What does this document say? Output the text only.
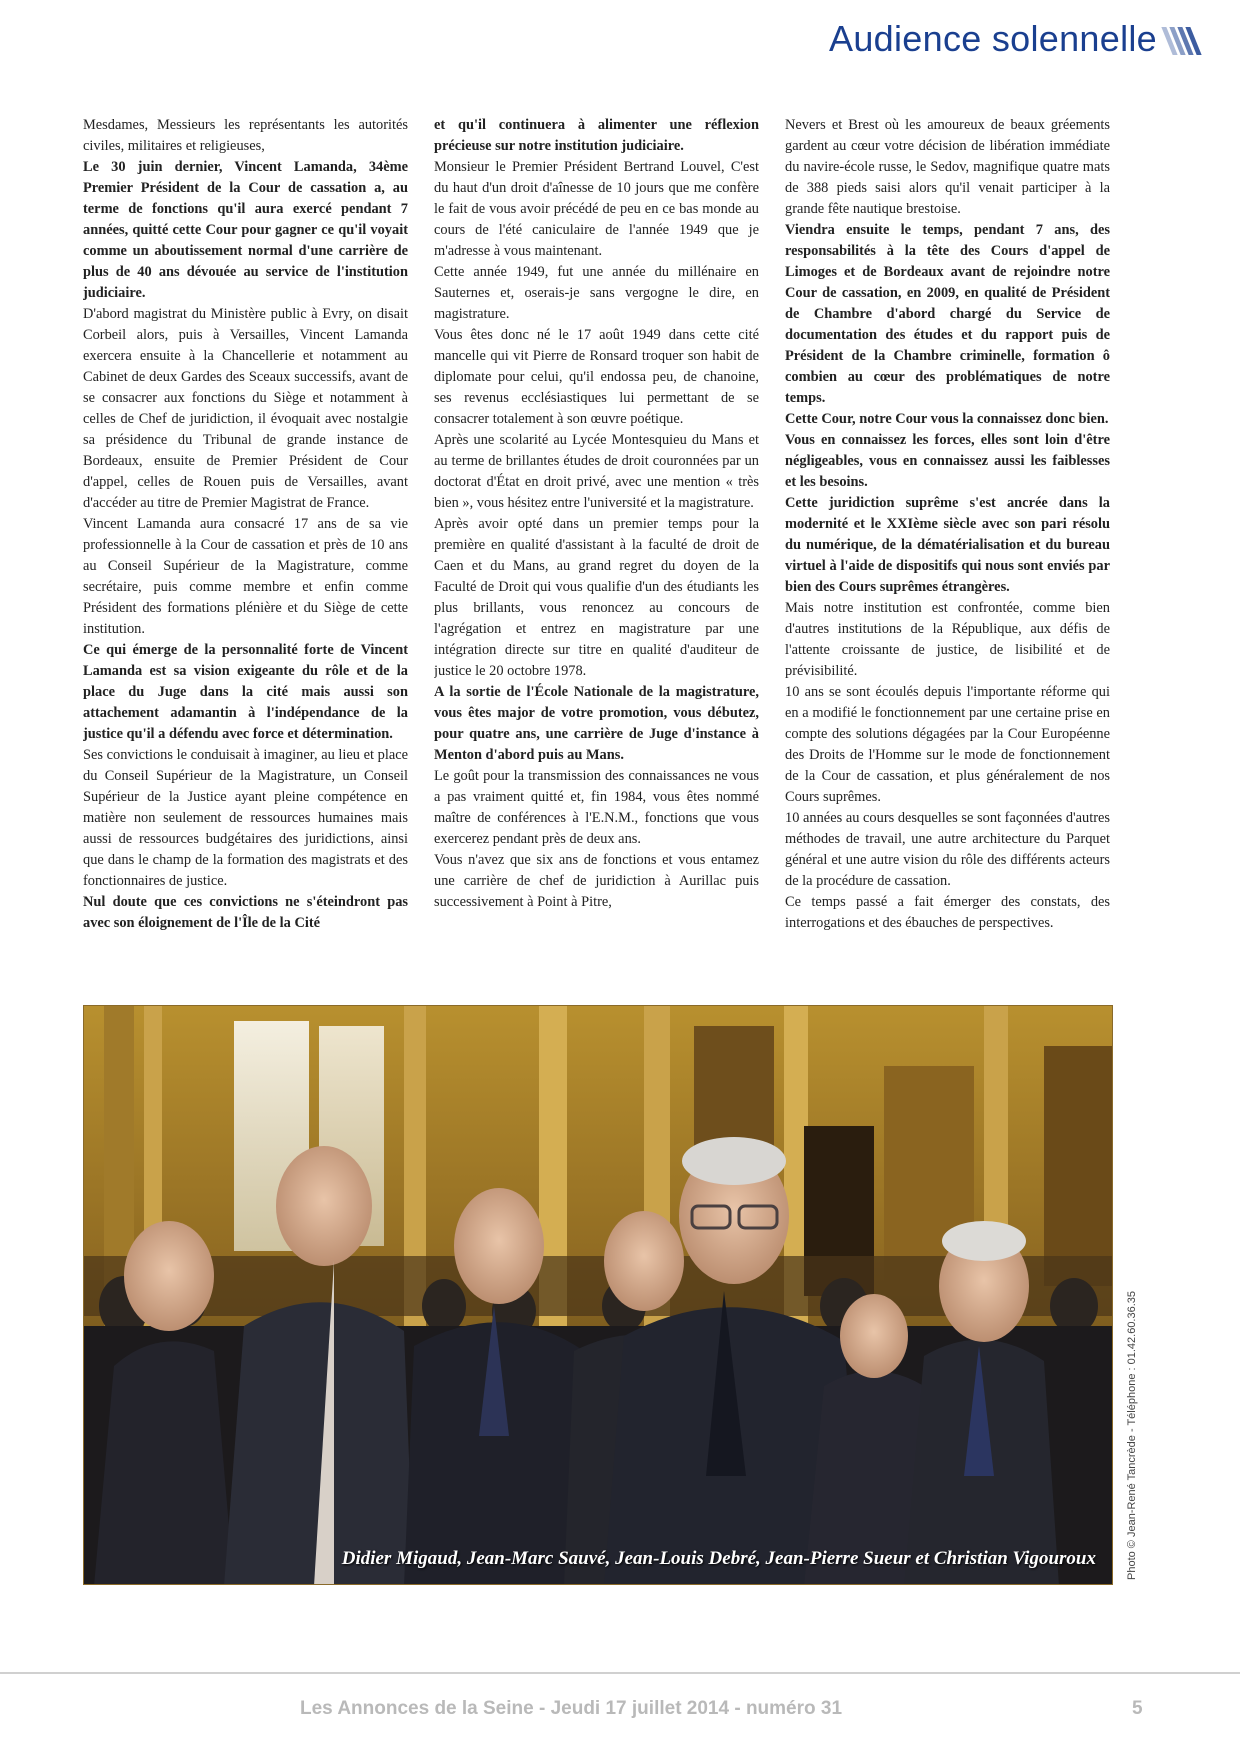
Audience solennelle

Mesdames, Messieurs les représentants les autorités civiles, militaires et religieuses,

Le 30 juin dernier, Vincent Lamanda, 34ème Premier Président de la Cour de cassation a, au terme de fonctions qu'il aura exercé pendant 7 années, quitté cette Cour pour gagner ce qu'il voyait comme un aboutissement normal d'une carrière de plus de 40 ans dévouée au service de l'institution judiciaire.

D'abord magistrat du Ministère public à Evry, on disait Corbeil alors, puis à Versailles, Vincent Lamanda exercera ensuite à la Chancellerie et notamment au Cabinet de deux Gardes des Sceaux successifs, avant de se consacrer aux fonctions du Siège et notamment à celles de Chef de juridiction, il évoquait avec nostalgie sa présidence du Tribunal de grande instance de Bordeaux, ensuite de Premier Président de Cour d'appel, celles de Rouen puis de Versailles, avant d'accéder au titre de Premier Magistrat de France.

Vincent Lamanda aura consacré 17 ans de sa vie professionnelle à la Cour de cassation et près de 10 ans au Conseil Supérieur de la Magistrature, comme secrétaire, puis comme membre et enfin comme Président des formations plénière et du Siège de cette institution.

Ce qui émerge de la personnalité forte de Vincent Lamanda est sa vision exigeante du rôle et de la place du Juge dans la cité mais aussi son attachement adamantin à l'indépendance de la justice qu'il a défendu avec force et détermination.

Ses convictions le conduisait à imaginer, au lieu et place du Conseil Supérieur de la Magistrature, un Conseil Supérieur de la Justice ayant pleine compétence en matière non seulement de ressources humaines mais aussi de ressources budgétaires des juridictions, ainsi que dans le champ de la formation des magistrats et des fonctionnaires de justice.

Nul doute que ces convictions ne s'éteindront pas avec son éloignement de l'Île de la Cité

et qu'il continuera à alimenter une réflexion précieuse sur notre institution judiciaire.

Monsieur le Premier Président Bertrand Louvel, C'est du haut d'un droit d'aînesse de 10 jours que me confère le fait de vous avoir précédé de peu en ce bas monde au cours de l'été caniculaire de l'année 1949 que je m'adresse à vous maintenant.

Cette année 1949, fut une année du millénaire en Sauternes et, oserais-je sans vergogne le dire, en magistrature.

Vous êtes donc né le 17 août 1949 dans cette cité mancelle qui vit Pierre de Ronsard troquer son habit de diplomate pour celui, qu'il endossa peu, de chanoine, ses revenus ecclésiastiques lui permettant de se consacrer totalement à son œuvre poétique.

Après une scolarité au Lycée Montesquieu du Mans et au terme de brillantes études de droit couronnées par un doctorat d'État en droit privé, avec une mention « très bien », vous hésitez entre l'université et la magistrature.

Après avoir opté dans un premier temps pour la première en qualité d'assistant à la faculté de droit de Caen et du Mans, au grand regret du doyen de la Faculté de Droit qui vous qualifie d'un des étudiants les plus brillants, vous renoncez au concours de l'agrégation et entrez en magistrature par une intégration directe sur titre en qualité d'auditeur de justice le 20 octobre 1978.

A la sortie de l'École Nationale de la magistrature, vous êtes major de votre promotion, vous débutez, pour quatre ans, une carrière de Juge d'instance à Menton d'abord puis au Mans.

Le goût pour la transmission des connaissances ne vous a pas vraiment quitté et, fin 1984, vous êtes nommé maître de conférences à l'E.N.M., fonctions que vous exercerez pendant près de deux ans.

Vous n'avez que six ans de fonctions et vous entamez une carrière de chef de juridiction à Aurillac puis successivement à Point à Pitre,

Nevers et Brest où les amoureux de beaux gréements gardent au cœur votre décision de libération immédiate du navire-école russe, le Sedov, magnifique quatre mats de 388 pieds saisi alors qu'il venait participer à la grande fête nautique brestoise.

Viendra ensuite le temps, pendant 7 ans, des responsabilités à la tête des Cours d'appel de Limoges et de Bordeaux avant de rejoindre notre Cour de cassation, en 2009, en qualité de Président de Chambre d'abord chargé du Service de documentation des études et du rapport puis de Président de la Chambre criminelle, formation ô combien au cœur des problématiques de notre temps.

Cette Cour, notre Cour vous la connaissez donc bien.

Vous en connaissez les forces, elles sont loin d'être négligeables, vous en connaissez aussi les faiblesses et les besoins.

Cette juridiction suprême s'est ancrée dans la modernité et le XXIème siècle avec son pari résolu du numérique, de la dématérialisation et du bureau virtuel à l'aide de dispositifs qui nous sont enviés par bien des Cours suprêmes étrangères.

Mais notre institution est confrontée, comme bien d'autres institutions de la République, aux défis de l'attente croissante de justice, de lisibilité et de prévisibilité.

10 ans se sont écoulés depuis l'importante réforme qui en a modifié le fonctionnement par une certaine prise en compte des solutions dégagées par la Cour Européenne des Droits de l'Homme sur le mode de fonctionnement de la Cour de cassation, et plus généralement de nos Cours suprêmes.

10 années au cours desquelles se sont façonnées d'autres méthodes de travail, une autre architecture du Parquet général et une autre vision du rôle des différents acteurs de la procédure de cassation.

Ce temps passé a fait émerger des constats, des interrogations et des ébauches de perspectives.

Didier Migaud, Jean-Marc Sauvé, Jean-Louis Debré, Jean-Pierre Sueur et Christian Vigouroux	Photo © Jean-René Tancrède - Téléphone : 01.42.60.36.35
Les Annonces de la Seine - Jeudi 17 juillet 2014 - numéro 31	5
